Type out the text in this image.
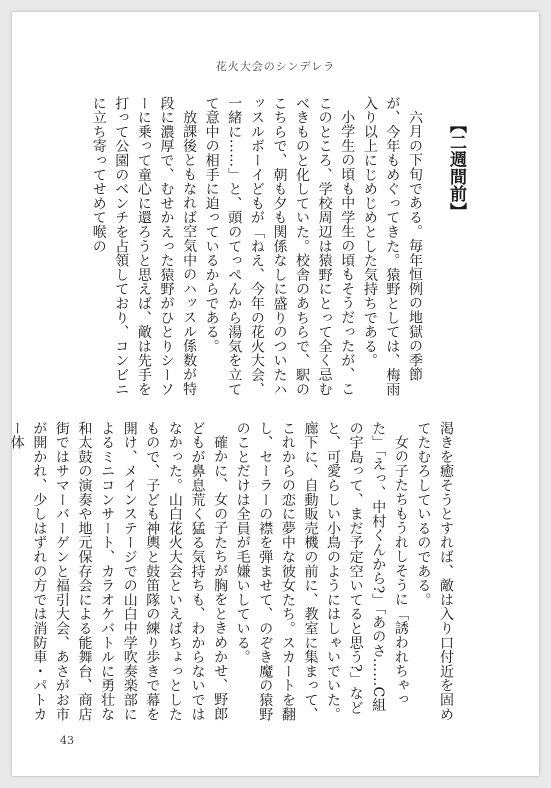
花火大会のシンデレラ

【二週間前】

六月の下旬である。毎年恒例の地獄の季節が、今年もめぐってきた。猿野としては、梅雨入り以上にじめじめとした気持ちである。

小学生の頃も中学生の頃もそうだったが、ここのところ、学校周辺は猿野にとって全く忌むべきものと化していた。校舎のあちらで、駅のこちらで、朝も夕も関係なしに盛りのついたハッスルボーイどもが「ねえ、今年の花火大会、一緒に……」と、頭のてっぺんから湯気を立てて意中の相手に迫っているからである。

放課後ともなれば空気中のハッスル係数が特段に濃厚で、むせかえった猿野がひとりシーソーに乗って童心に還ろうと思えば、敵は先手を打って公園のベンチを占領しており、コンビニに立ち寄ってせめて喉の

渇きを癒そうとすれば、敵は入り口付近を固めてたむろしているのである。

女の子たちもうれしそうに「誘われちゃった」「えっ、中村くんから?」「あのさ……C組の宇島って、まだ予定空いてると思う?」などと、可愛らしい小鳥のようにはしゃいでいた。廊下に、自動販売機の前に、教室に集まって、これからの恋に夢中な彼女たち。スカートを翻し、セーラーの襟を弾ませて、のぞき魔の猿野のことだけは全員が毛嫌いしている。

確かに、女の子たちが胸をときめかせ、野郎どもが鼻息荒く猛る気持ちも、わからないではなかった。山白花火大会といえばちょっとしたもので、子ども神輿と鼓笛隊の練り歩きで幕を開け、メインステージでの山白中学吹奏楽部によるミニコンサート、カラオケバトルに勇壮な和太鼓の演奏や地元保存会による能舞台、商店街ではサマーバーゲンと福引大会、あさがお市が開かれ、少しはずれの方では消防車・パトカー体

43
